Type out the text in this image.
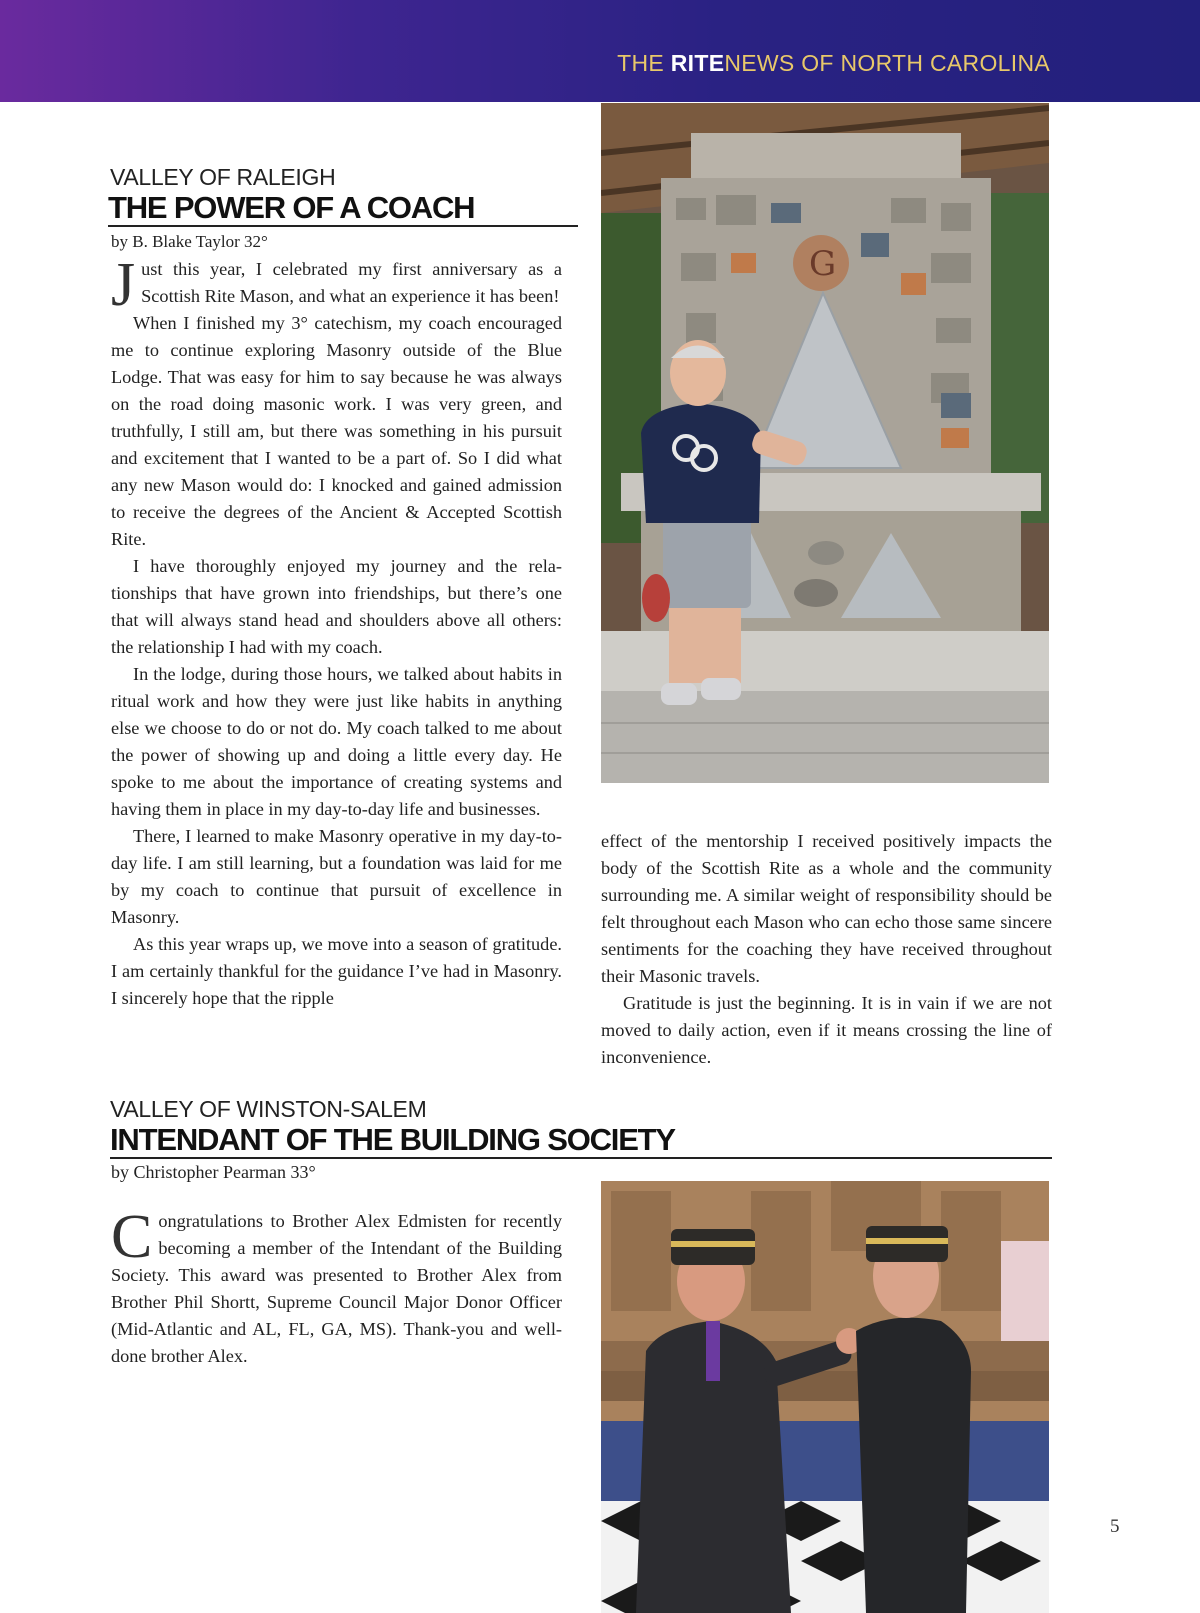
THE RITENEWS OF NORTH CAROLINA
VALLEY OF RALEIGH
THE POWER OF A COACH
by B. Blake Taylor 32°
G

Just this year, I celebrated my first anniversary as a Scottish Rite Mason, and what an experience it has been!

When I finished my 3° catechism, my coach encouraged me to continue exploring Masonry outside of the Blue Lodge. That was easy for him to say because he was always on the road doing masonic work. I was very green, and truthfully, I still am, but there was something in his pursuit and excitement that I wanted to be a part of. So I did what any new Mason would do: I knocked and gained admission to receive the degrees of the Ancient & Accepted Scottish Rite.

I have thoroughly enjoyed my journey and the relationships that have grown into friendships, but there’s one that will always stand head and shoulders above all others: the relationship I had with my coach.

In the lodge, during those hours, we talked about habits in ritual work and how they were just like habits in anything else we choose to do or not do. My coach talked to me about the power of showing up and doing a little every day. He spoke to me about the importance of creating systems and having them in place in my day-to-day life and businesses.

There, I learned to make Masonry operative in my day-to-day life. I am still learning, but a foundation was laid for me by my coach to continue that pursuit of excellence in Masonry.

As this year wraps up, we move into a season of gratitude. I am certainly thankful for the guidance I’ve had in Masonry. I sincerely hope that the ripple

effect of the mentorship I received positively impacts the body of the Scottish Rite as a whole and the community surrounding me. A similar weight of responsibility should be felt throughout each Mason who can echo those same sincere sentiments for the coaching they have received throughout their Masonic travels.

Gratitude is just the beginning. It is in vain if we are not moved to daily action, even if it means crossing the line of inconvenience.

VALLEY OF WINSTON-SALEM
INTENDANT OF THE BUILDING SOCIETY
by Christopher Pearman 33°

Congratulations to Brother Alex Edmisten for recently becoming a member of the Intendant of the Building Society. This award was presented to Brother Alex from Brother Phil Shortt, Supreme Council Major Donor Officer (Mid-Atlantic and AL, FL, GA, MS). Thank-you and well-done brother Alex.

5
